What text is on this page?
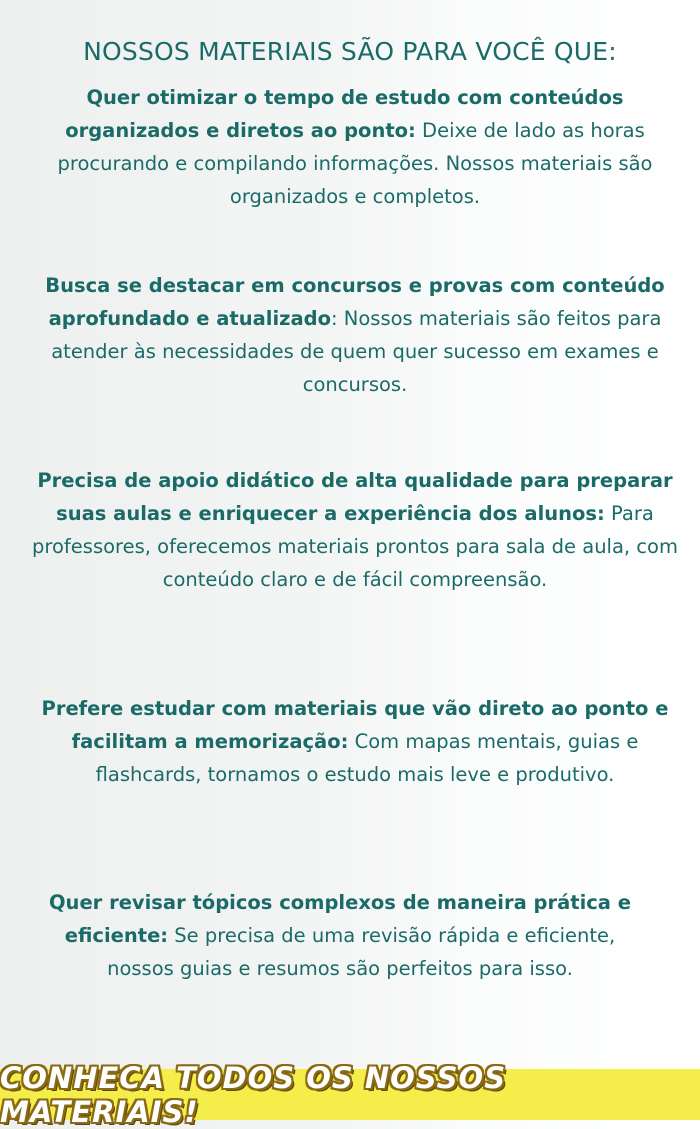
NOSSOS MATERIAIS SÃO PARA VOCÊ QUE:

Quer otimizar o tempo de estudo com conteúdos organizados e diretos ao ponto: Deixe de lado as horas procurando e compilando informações. Nossos materiais são organizados e completos.

Busca se destacar em concursos e provas com conteúdo aprofundado e atualizado: Nossos materiais são feitos para atender às necessidades de quem quer sucesso em exames e concursos.

Precisa de apoio didático de alta qualidade para preparar suas aulas e enriquecer a experiência dos alunos: Para professores, oferecemos materiais prontos para sala de aula, com conteúdo claro e de fácil compreensão.

Prefere estudar com materiais que vão direto ao ponto e facilitam a memorização: Com mapas mentais, guias e flashcards, tornamos o estudo mais leve e produtivo.

Quer revisar tópicos complexos de maneira prática e eficiente: Se precisa de uma revisão rápida e eficiente, nossos guias e resumos são perfeitos para isso.

CONHECA TODOS OS NOSSOS MATERIAIS!
